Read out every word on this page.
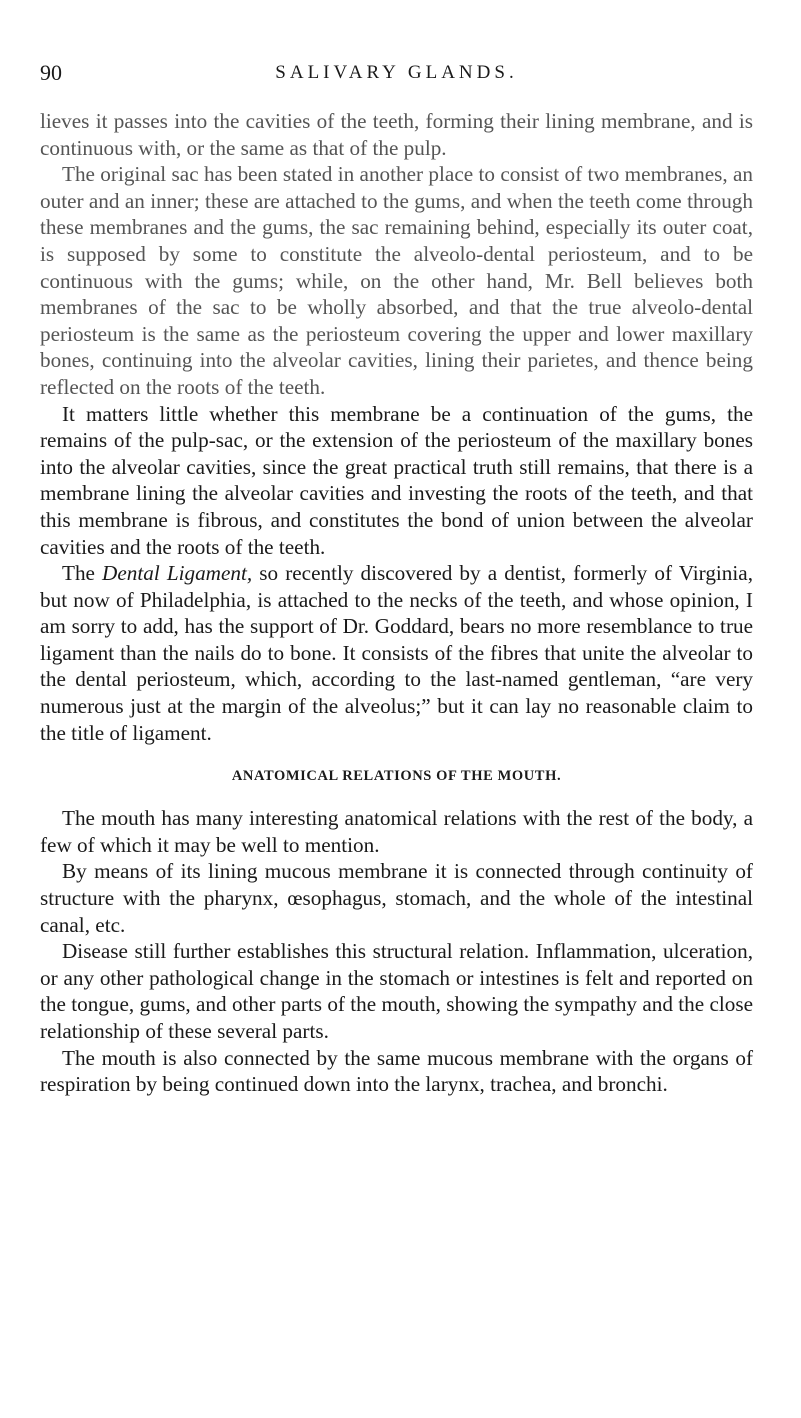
90	SALIVARY GLANDS.

lieves it passes into the cavities of the teeth, forming their lining membrane, and is continuous with, or the same as that of the pulp.

The original sac has been stated in another place to consist of two membranes, an outer and an inner; these are attached to the gums, and when the teeth come through these membranes and the gums, the sac remaining behind, especially its outer coat, is supposed by some to constitute the alveolo-dental periosteum, and to be continuous with the gums; while, on the other hand, Mr. Bell believes both membranes of the sac to be wholly absorbed, and that the true alveolo-dental periosteum is the same as the periosteum covering the upper and lower maxillary bones, continuing into the alveolar cavities, lining their parietes, and thence being reflected on the roots of the teeth.

It matters little whether this membrane be a continuation of the gums, the remains of the pulp-sac, or the extension of the periosteum of the maxillary bones into the alveolar cavities, since the great practical truth still remains, that there is a membrane lining the alveolar cavities and investing the roots of the teeth, and that this membrane is fibrous, and constitutes the bond of union between the alveolar cavities and the roots of the teeth.

The Dental Ligament, so recently discovered by a dentist, formerly of Virginia, but now of Philadelphia, is attached to the necks of the teeth, and whose opinion, I am sorry to add, has the support of Dr. Goddard, bears no more resemblance to true ligament than the nails do to bone. It consists of the fibres that unite the alveolar to the dental periosteum, which, according to the last-named gentleman, “are very numerous just at the margin of the alveolus;” but it can lay no reasonable claim to the title of ligament.

ANATOMICAL RELATIONS OF THE MOUTH.

The mouth has many interesting anatomical relations with the rest of the body, a few of which it may be well to mention.

By means of its lining mucous membrane it is connected through continuity of structure with the pharynx, œsophagus, stomach, and the whole of the intestinal canal, etc.

Disease still further establishes this structural relation. Inflammation, ulceration, or any other pathological change in the stomach or intestines is felt and reported on the tongue, gums, and other parts of the mouth, showing the sympathy and the close relationship of these several parts.

The mouth is also connected by the same mucous membrane with the organs of respiration by being continued down into the larynx, trachea, and bronchi.
